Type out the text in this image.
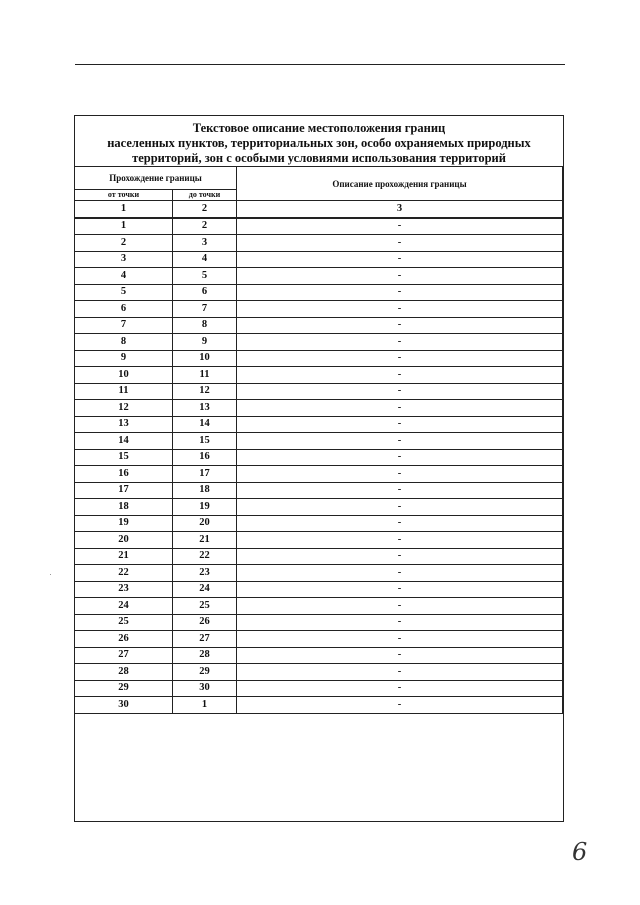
Текстовое описание местоположения границ
населенных пунктов, территориальных зон, особо охраняемых природных
территорий, зон с особыми условиями использования территорий
Прохождение границы		Описание прохождения границы
от точки	до точки	
1	2	3
1	2	-
2	3	-
3	4	-
4	5	-
5	6	-
6	7	-
7	8	-
8	9	-
9	10	-
10	11	-
11	12	-
12	13	-
13	14	-
14	15	-
15	16	-
16	17	-
17	18	-
18	19	-
19	20	-
20	21	-
21	22	-
22	23	-
23	24	-
24	25	-
25	26	-
26	27	-
27	28	-
28	29	-
29	30	-
30	1	-
6
